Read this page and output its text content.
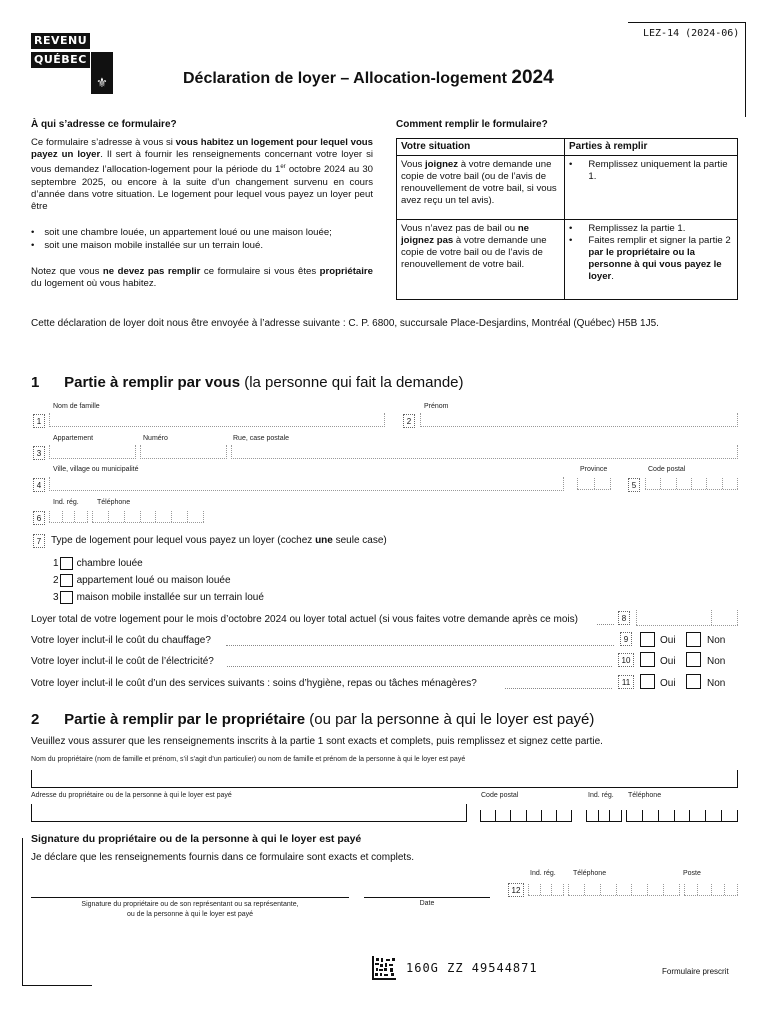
LEZ-14 (2024-06)
REVENU
QUÉBEC
⚜	Déclaration de loyer – Allocation-logement 2024
À qui s’adresse ce formulaire?
Ce formulaire s’adresse à vous si vous habitez un logement pour lequel vous payez un loyer. Il sert à fournir les renseignements concernant votre loyer si vous demandez l’allocation-logement pour la période du 1er octobre 2024 au 30 septembre 2025, ou encore à la suite d’un changement survenu en cours d’année dans votre situation. Le logement pour lequel vous payez un loyer peut être
• soit une chambre louée, un appartement loué ou une maison louée;
• soit une maison mobile installée sur un terrain loué.
Notez que vous ne devez pas remplir ce formulaire si vous êtes propriétaire du logement où vous habitez.
Comment remplir le formulaire?
Votre situation	Parties à remplir
Vous joignez à votre demande une copie de votre bail (ou de l’avis de renouvellement de votre bail, si vous avez reçu un tel avis).	• Remplissez uniquement la partie 1.

Vous n’avez pas de bail ou ne joignez pas à votre demande une copie de votre bail ou de l’avis de renouvellement de votre bail.	• Remplissez la partie 1.
• Faites remplir et signer la partie 2 par le propriétaire ou la personne à qui vous payez le loyer.
Cette déclaration de loyer doit nous être envoyée à l’adresse suivante : C. P. 6800, succursale Place-Desjardins, Montréal (Québec) H5B 1J5.
1 Partie à remplir par vous (la personne qui fait la demande)
Nom de famille	Prénom
1	2
Appartement	Numéro	Rue, case postale
3
Ville, village ou municipalité	Province	Code postal
4	5
Ind. rég.	Téléphone
6
7 Type de logement pour lequel vous payez un loyer (cochez une seule case)
1 chambre louée
2 appartement loué ou maison louée
3 maison mobile installée sur un terrain loué
Loyer total de votre logement pour le mois d’octobre 2024 ou loyer total actuel (si vous faites votre demande après ce mois)	8
Votre loyer inclut-il le coût du chauffage?	9	Oui	Non
Votre loyer inclut-il le coût de l’électricité?	10	Oui	Non
Votre loyer inclut-il le coût d’un des services suivants : soins d’hygiène, repas ou tâches ménagères?	11	Oui	Non
2 Partie à remplir par le propriétaire (ou par la personne à qui le loyer est payé)
Veuillez vous assurer que les renseignements inscrits à la partie 1 sont exacts et complets, puis remplissez et signez cette partie.
Nom du propriétaire (nom de famille et prénom, s’il s’agit d’un particulier) ou nom de famille et prénom de la personne à qui le loyer est payé
Adresse du propriétaire ou de la personne à qui le loyer est payé	Code postal	Ind. rég. Téléphone
Signature du propriétaire ou de la personne à qui le loyer est payé
Je déclare que les renseignements fournis dans ce formulaire sont exacts et complets.
Ind. rég. Téléphone	Poste
12
Signature du propriétaire ou de son représentant ou sa représentante,
ou de la personne à qui le loyer est payé
Date
160G ZZ 49544871	Formulaire prescrit
